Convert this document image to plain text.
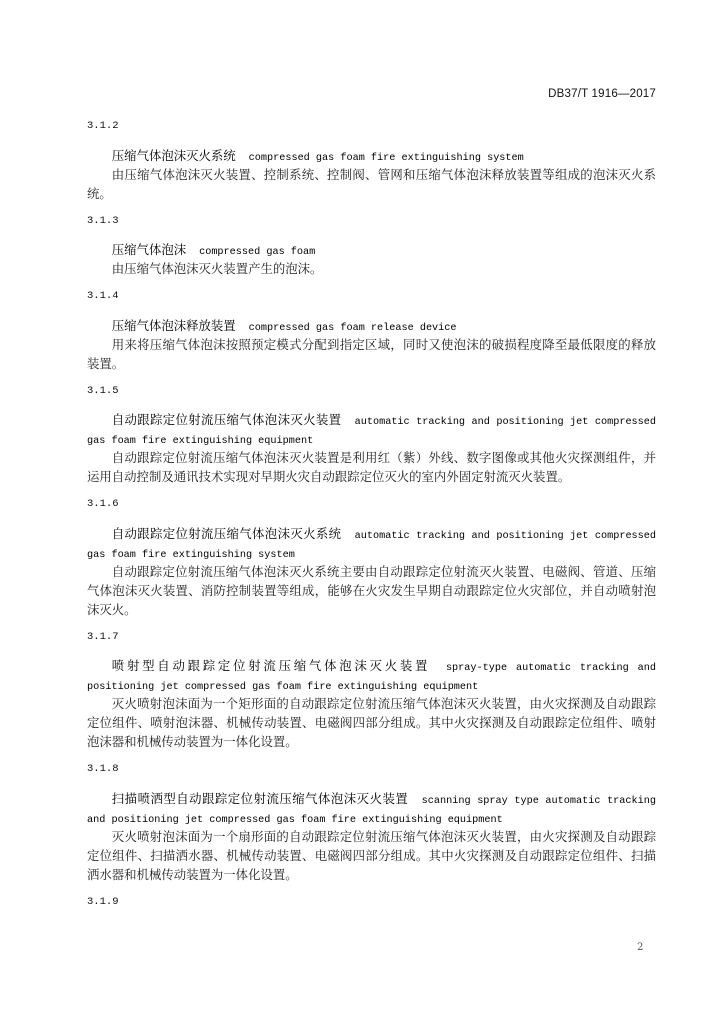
DB37/T 1916—2017
3.1.2
压缩气体泡沫灭火系统 compressed gas foam fire extinguishing system
由压缩气体泡沫灭火装置、控制系统、控制阀、管网和压缩气体泡沫释放装置等组成的泡沫灭火系
统。
3.1.3
压缩气体泡沫 compressed gas foam
由压缩气体泡沫灭火装置产生的泡沫。
3.1.4
压缩气体泡沫释放装置 compressed gas foam release device
用来将压缩气体泡沫按照预定模式分配到指定区域，同时又使泡沫的破损程度降至最低限度的释放
装置。
3.1.5
自动跟踪定位射流压缩气体泡沫灭火装置 automatic tracking and positioning jet compressed
gas foam fire extinguishing equipment
自动跟踪定位射流压缩气体泡沫灭火装置是利用红（紫）外线、数字图像或其他火灾探测组件，并
运用自动控制及通讯技术实现对早期火灾自动跟踪定位灭火的室内外固定射流灭火装置。
3.1.6
自动跟踪定位射流压缩气体泡沫灭火系统 automatic tracking and positioning jet compressed
gas foam fire extinguishing system
自动跟踪定位射流压缩气体泡沫灭火系统主要由自动跟踪定位射流灭火装置、电磁阀、管道、压缩
气体泡沫灭火装置、消防控制装置等组成，能够在火灾发生早期自动跟踪定位火灾部位，并自动喷射泡
沫灭火。
3.1.7
喷射型自动跟踪定位射流压缩气体泡沫灭火装置 spray-type automatic tracking and
positioning jet compressed gas foam fire extinguishing equipment
灭火喷射泡沫面为一个矩形面的自动跟踪定位射流压缩气体泡沫灭火装置，由火灾探测及自动跟踪
定位组件、喷射泡沫器、机械传动装置、电磁阀四部分组成。其中火灾探测及自动跟踪定位组件、喷射
泡沫器和机械传动装置为一体化设置。
3.1.8
扫描喷洒型自动跟踪定位射流压缩气体泡沫灭火装置 scanning spray type automatic tracking
and positioning jet compressed gas foam fire extinguishing equipment
灭火喷射泡沫面为一个扇形面的自动跟踪定位射流压缩气体泡沫灭火装置，由火灾探测及自动跟踪
定位组件、扫描洒水器、机械传动装置、电磁阀四部分组成。其中火灾探测及自动跟踪定位组件、扫描
洒水器和机械传动装置为一体化设置。
3.1.9
2
